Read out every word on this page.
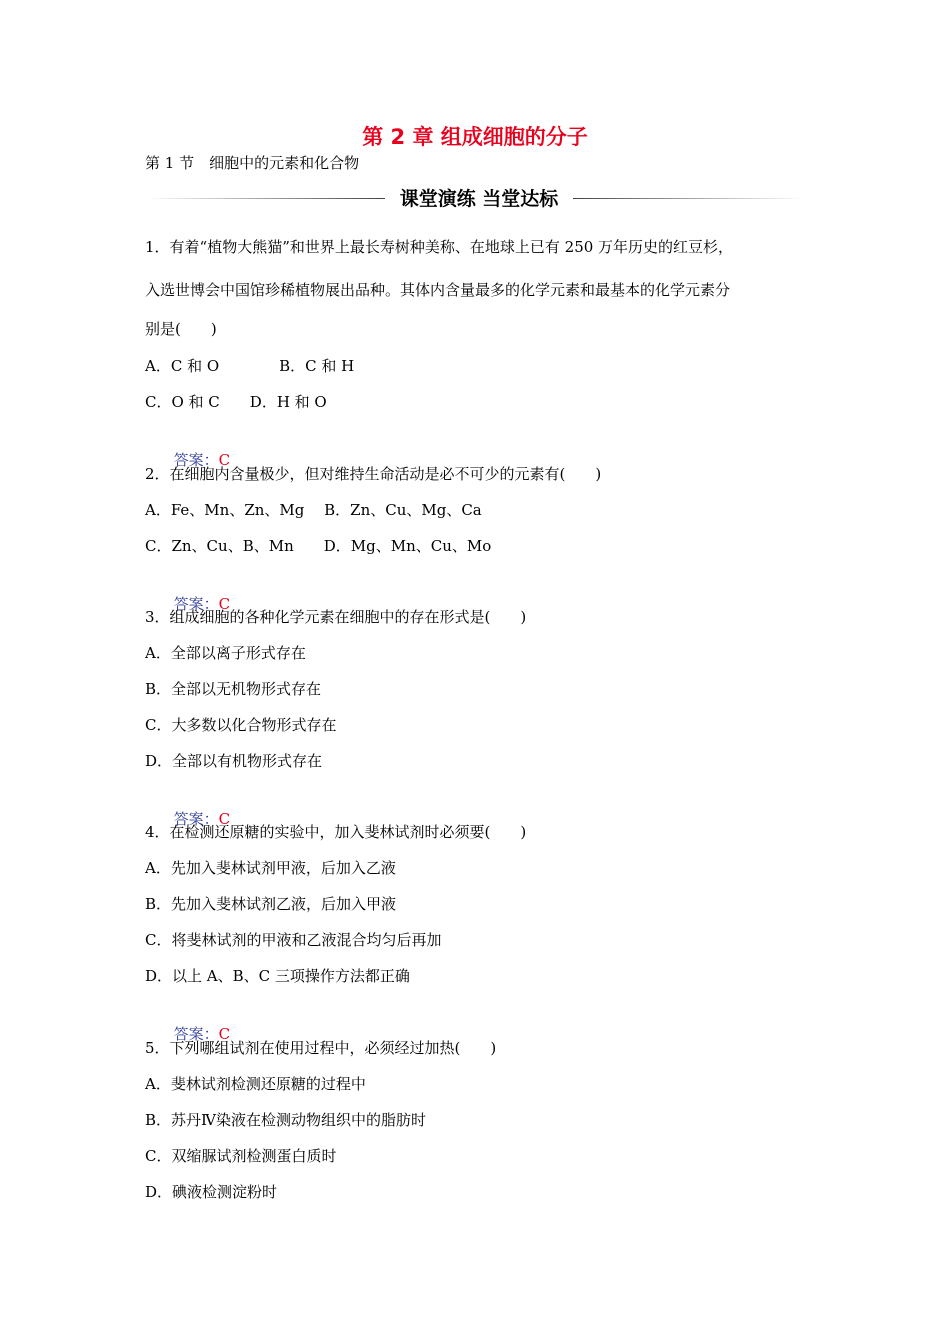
第 2 章 组成细胞的分子
第 1 节　细胞中的元素和化合物
课堂演练 当堂达标
1．有着“植物大熊猫”和世界上最长寿树种美称、在地球上已有 250 万年历史的红豆杉，
入选世博会中国馆珍稀植物展出品种。其体内含量最多的化学元素和最基本的化学元素分
别是(　　)
A．C 和 O　　　　B．C 和 H
C．O 和 C　　D．H 和 O

答案：C

2．在细胞内含量极少，但对维持生命活动是必不可少的元素有(　　)
A．Fe、Mn、Zn、Mg　 B．Zn、Cu、Mg、Ca
C．Zn、Cu、B、Mn　　D．Mg、Mn、Cu、Mo

答案：C

3．组成细胞的各种化学元素在细胞中的存在形式是(　　)
A．全部以离子形式存在
B．全部以无机物形式存在
C．大多数以化合物形式存在
D．全部以有机物形式存在

答案：C

4．在检测还原糖的实验中，加入斐林试剂时必须要(　　)
A．先加入斐林试剂甲液，后加入乙液
B．先加入斐林试剂乙液，后加入甲液
C．将斐林试剂的甲液和乙液混合均匀后再加
D．以上 A、B、C 三项操作方法都正确

答案：C

5．下列哪组试剂在使用过程中，必须经过加热(　　)
A．斐林试剂检测还原糖的过程中
B．苏丹Ⅳ染液在检测动物组织中的脂肪时
C．双缩脲试剂检测蛋白质时
D．碘液检测淀粉时
